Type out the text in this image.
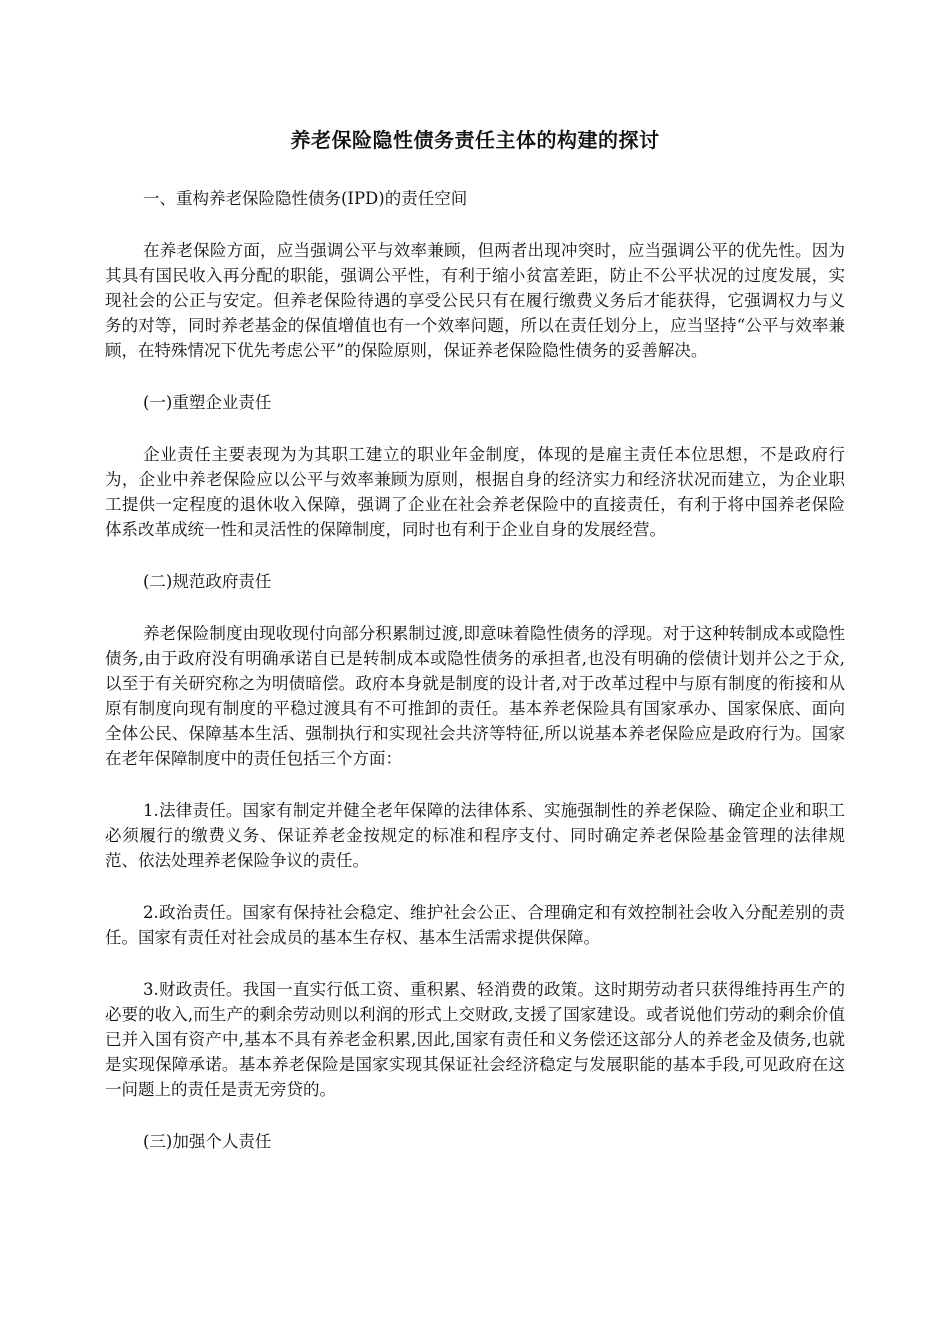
养老保险隐性债务责任主体的构建的探讨

一、重构养老保险隐性债务(IPD)的责任空间

在养老保险方面，应当强调公平与效率兼顾，但两者出现冲突时，应当强调公平的优先性。因为其具有国民收入再分配的职能，强调公平性，有利于缩小贫富差距，防止不公平状况的过度发展，实现社会的公正与安定。但养老保险待遇的享受公民只有在履行缴费义务后才能获得，它强调权力与义务的对等，同时养老基金的保值增值也有一个效率问题，所以在责任划分上，应当坚持“公平与效率兼顾，在特殊情况下优先考虑公平”的保险原则，保证养老保险隐性债务的妥善解决。

(一)重塑企业责任

企业责任主要表现为为其职工建立的职业年金制度，体现的是雇主责任本位思想，不是政府行为，企业中养老保险应以公平与效率兼顾为原则，根据自身的经济实力和经济状况而建立，为企业职工提供一定程度的退休收入保障，强调了企业在社会养老保险中的直接责任，有利于将中国养老保险体系改革成统一性和灵活性的保障制度，同时也有利于企业自身的发展经营。

(二)规范政府责任

养老保险制度由现收现付向部分积累制过渡,即意味着隐性债务的浮现。对于这种转制成本或隐性债务,由于政府没有明确承诺自已是转制成本或隐性债务的承担者,也没有明确的偿债计划并公之于众,以至于有关研究称之为明债暗偿。政府本身就是制度的设计者,对于改革过程中与原有制度的衔接和从原有制度向现有制度的平稳过渡具有不可推卸的责任。基本养老保险具有国家承办、国家保底、面向全体公民、保障基本生活、强制执行和实现社会共济等特征,所以说基本养老保险应是政府行为。国家在老年保障制度中的责任包括三个方面：

1.法律责任。国家有制定并健全老年保障的法律体系、实施强制性的养老保险、确定企业和职工必须履行的缴费义务、保证养老金按规定的标准和程序支付、同时确定养老保险基金管理的法律规范、依法处理养老保险争议的责任。

2.政治责任。国家有保持社会稳定、维护社会公正、合理确定和有效控制社会收入分配差别的责任。国家有责任对社会成员的基本生存权、基本生活需求提供保障。

3.财政责任。我国一直实行低工资、重积累、轻消费的政策。这时期劳动者只获得维持再生产的必要的收入,而生产的剩余劳动则以利润的形式上交财政,支援了国家建设。或者说他们劳动的剩余价值已并入国有资产中,基本不具有养老金积累,因此,国家有责任和义务偿还这部分人的养老金及债务,也就是实现保障承诺。基本养老保险是国家实现其保证社会经济稳定与发展职能的基本手段,可见政府在这一问题上的责任是责无旁贷的。

(三)加强个人责任
